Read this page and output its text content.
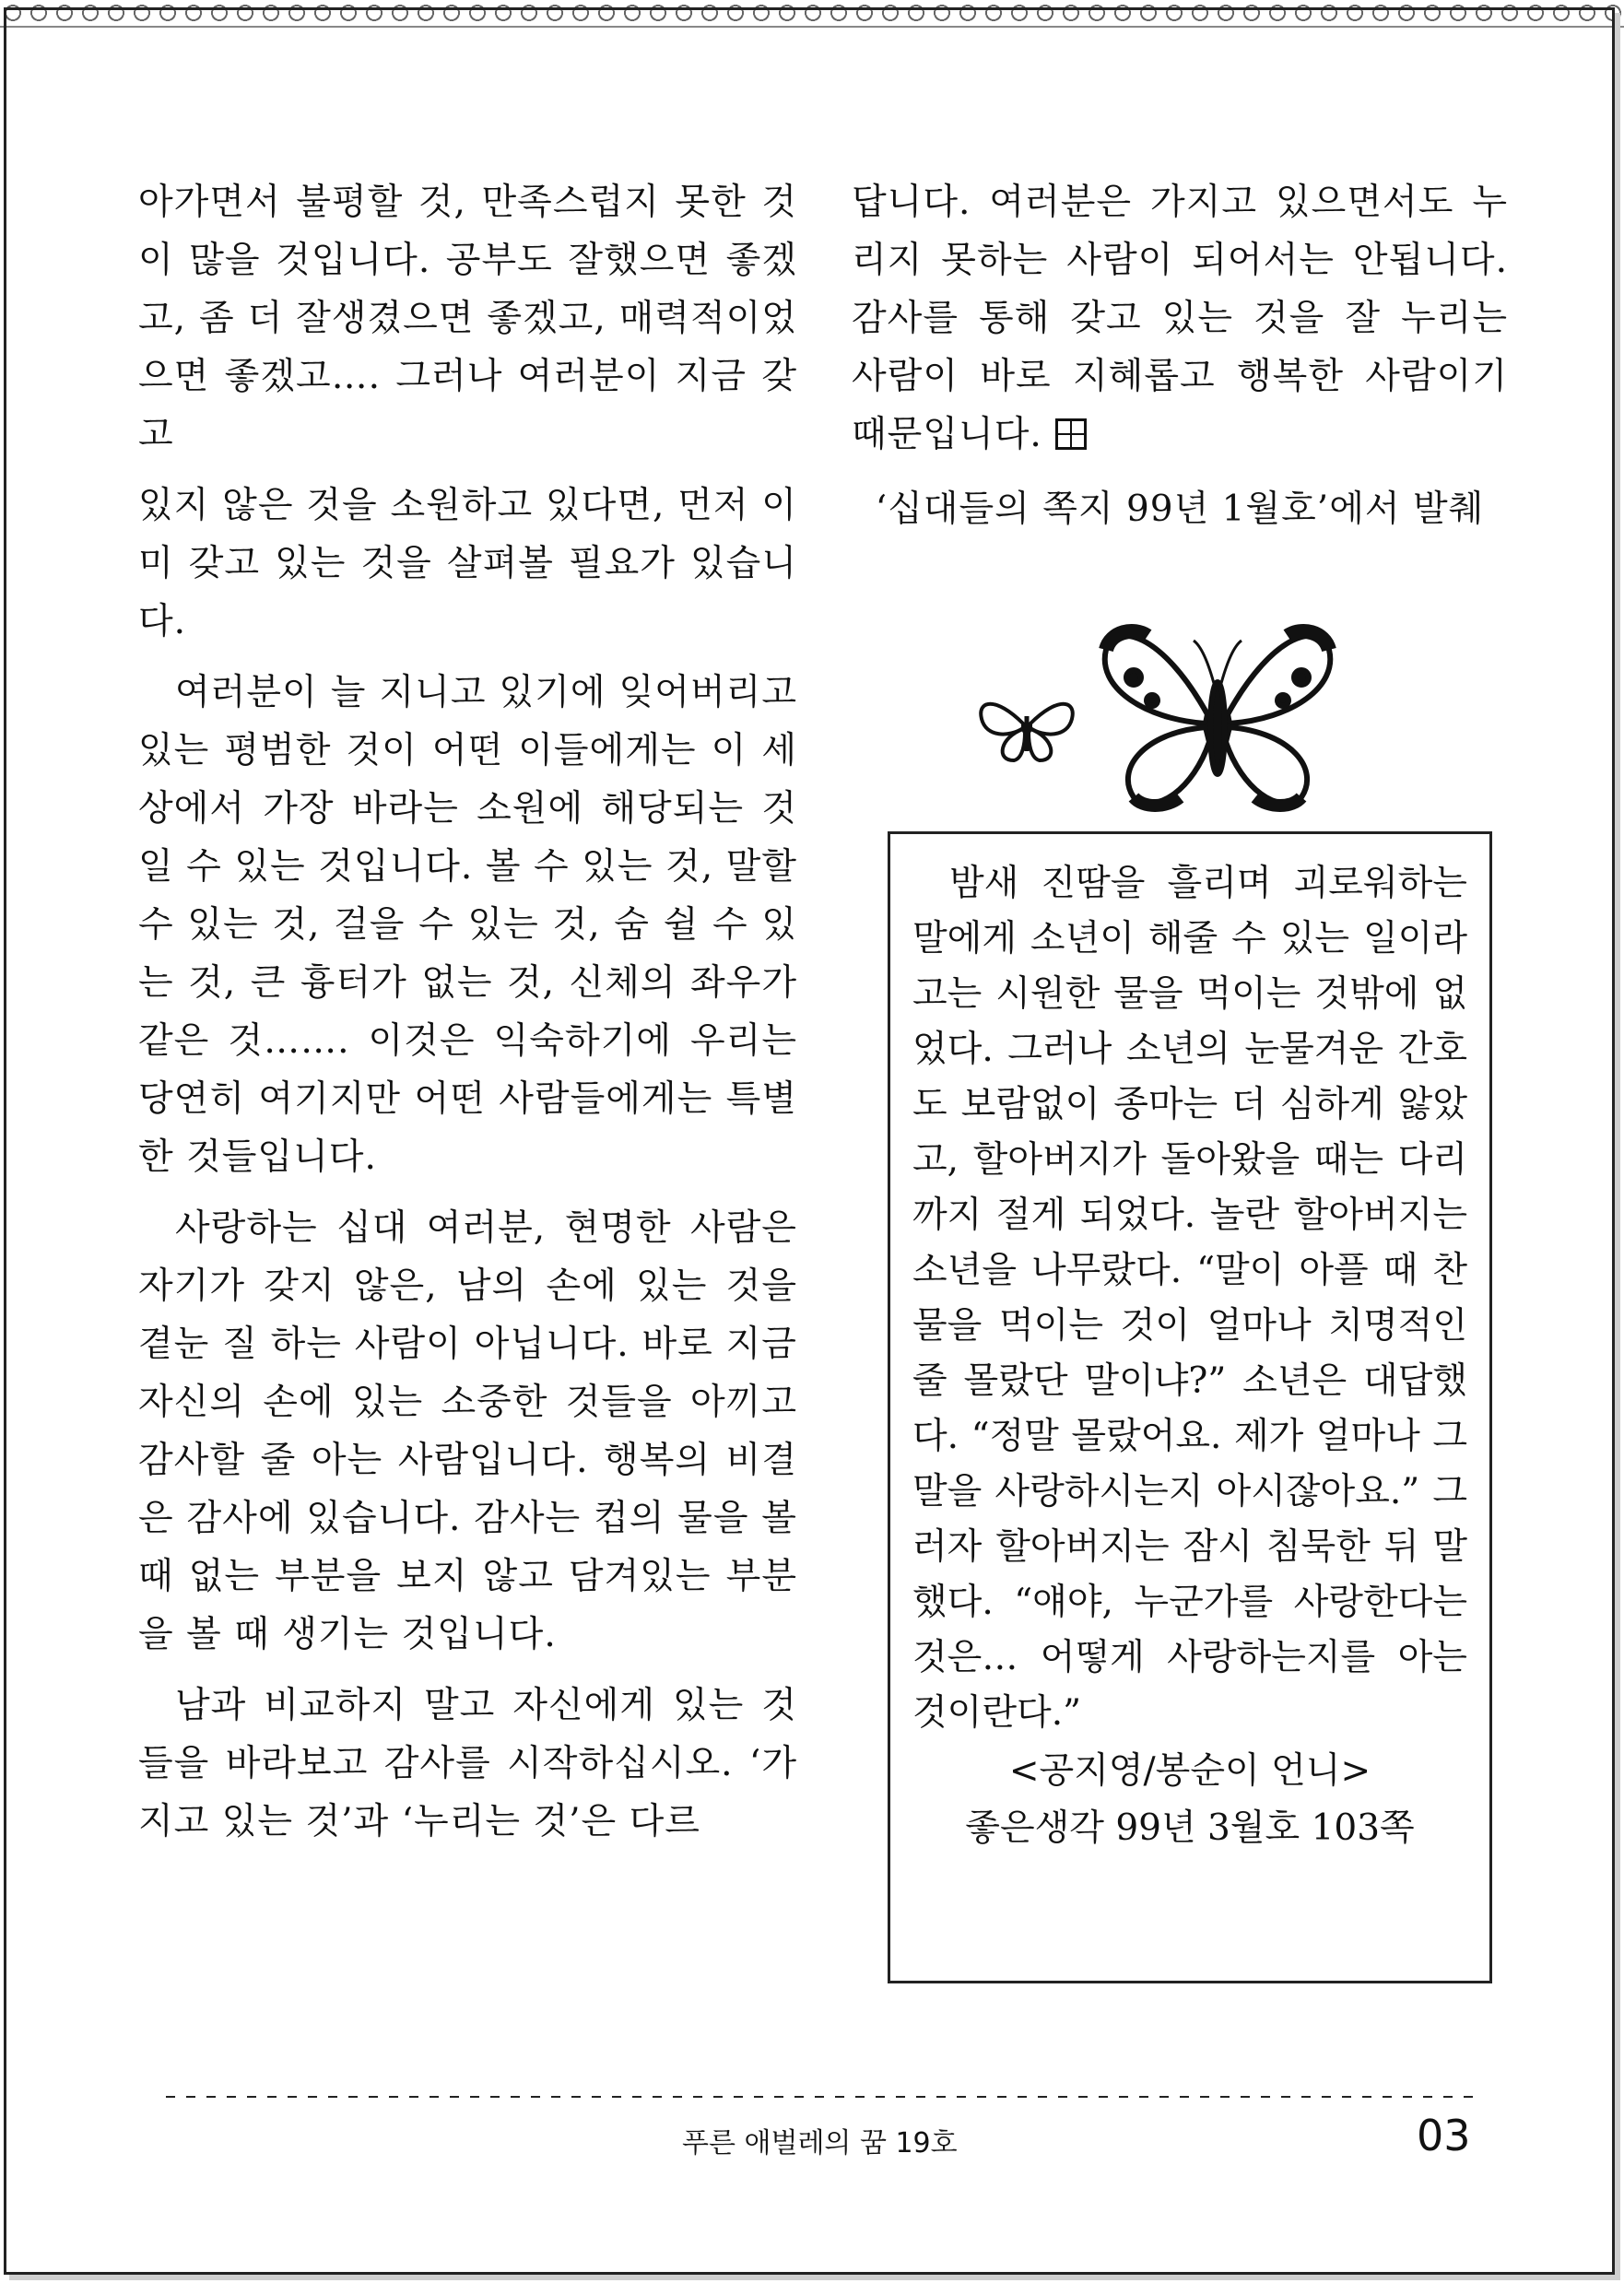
아가면서 불평할 것, 만족스럽지 못한 것이 많을 것입니다. 공부도 잘했으면 좋겠고, 좀 더 잘생겼으면 좋겠고, 매력적이었으면 좋겠고…. 그러나 여러분이 지금 갖고

있지 않은 것을 소원하고 있다면, 먼저 이미 갖고 있는 것을 살펴볼 필요가 있습니다.

여러분이 늘 지니고 있기에 잊어버리고 있는 평범한 것이 어떤 이들에게는 이 세상에서 가장 바라는 소원에 해당되는 것일 수 있는 것입니다. 볼 수 있는 것, 말할 수 있는 것, 걸을 수 있는 것, 숨 쉴 수 있는 것, 큰 흉터가 없는 것, 신체의 좌우가 같은 것……. 이것은 익숙하기에 우리는 당연히 여기지만 어떤 사람들에게는 특별한 것들입니다.

사랑하는 십대 여러분, 현명한 사람은 자기가 갖지 않은, 남의 손에 있는 것을 곁눈 질 하는 사람이 아닙니다. 바로 지금 자신의 손에 있는 소중한 것들을 아끼고 감사할 줄 아는 사람입니다. 행복의 비결은 감사에 있습니다. 감사는 컵의 물을 볼 때 없는 부분을 보지 않고 담겨있는 부분을 볼 때 생기는 것입니다.

남과 비교하지 말고 자신에게 있는 것들을 바라보고 감사를 시작하십시오. ‘가지고 있는 것’과 ‘누리는 것’은 다르

답니다. 여러분은 가지고 있으면서도 누리지 못하는 사람이 되어서는 안됩니다. 감사를 통해 갖고 있는 것을 잘 누리는 사람이 바로 지혜롭고 행복한 사람이기 때문입니다.

‘십대들의 쪽지 99년 1월호’에서 발췌

밤새 진땀을 흘리며 괴로워하는 말에게 소년이 해줄 수 있는 일이라고는 시원한 물을 먹이는 것밖에 없었다. 그러나 소년의 눈물겨운 간호도 보람없이 종마는 더 심하게 앓았고, 할아버지가 돌아왔을 때는 다리까지 절게 되었다. 놀란 할아버지는 소년을 나무랐다. “말이 아플 때 찬물을 먹이는 것이 얼마나 치명적인 줄 몰랐단 말이냐?” 소년은 대답했다. “정말 몰랐어요. 제가 얼마나 그 말을 사랑하시는지 아시잖아요.” 그러자 할아버지는 잠시 침묵한 뒤 말했다. “얘야, 누군가를 사랑한다는 것은… 어떻게 사랑하는지를 아는 것이란다.”

<공지영/봉순이 언니>
좋은생각 99년 3월호 103쪽
푸른 애벌레의 꿈 19호	03
